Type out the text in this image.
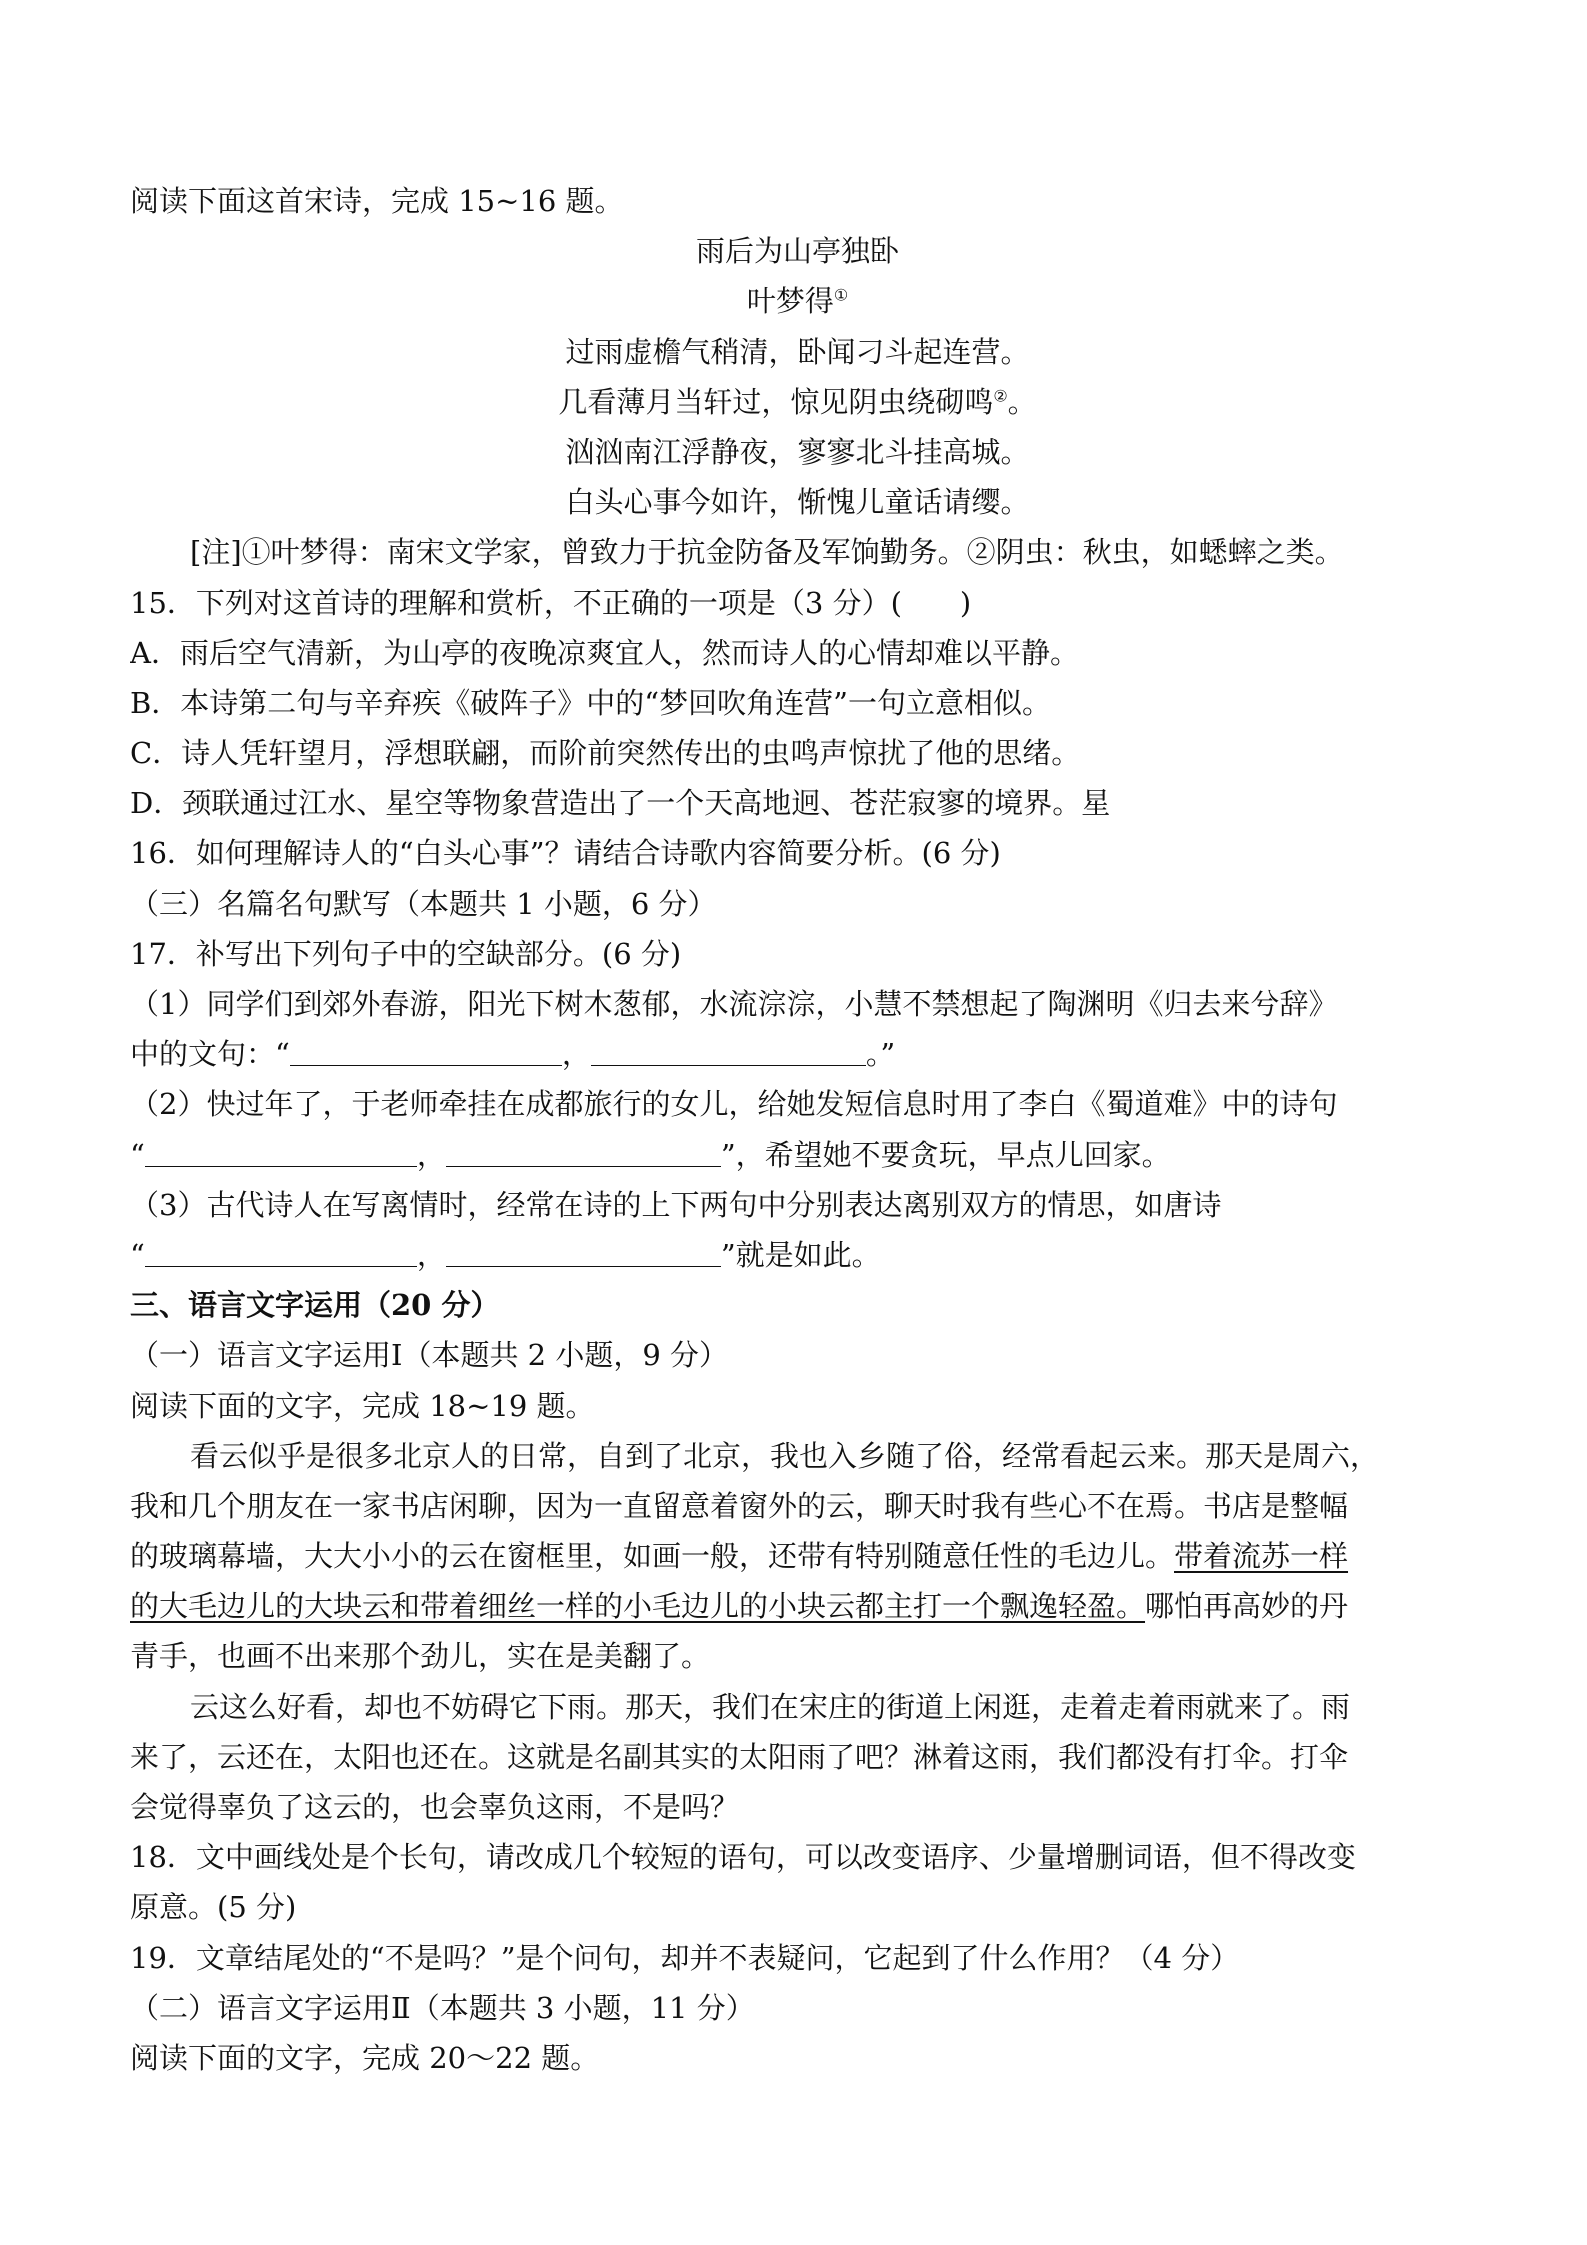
阅读下面这首宋诗，完成 15~16 题。
雨后为山亭独卧
叶梦得①
过雨虚檐气稍清，卧闻刁斗起连营。
几看薄月当轩过，惊见阴虫绕砌鸣②。
汹汹南江浮静夜，寥寥北斗挂高城。
白头心事今如许，惭愧儿童话请缨。
[注]①叶梦得：南宋文学家，曾致力于抗金防备及军饷勤务。②阴虫：秋虫，如蟋蟀之类。
15．下列对这首诗的理解和赏析，不正确的一项是（3 分）(　　)
A．雨后空气清新，为山亭的夜晚凉爽宜人，然而诗人的心情却难以平静。
B．本诗第二句与辛弃疾《破阵子》中的“梦回吹角连营”一句立意相似。
C．诗人凭轩望月，浮想联翩，而阶前突然传出的虫鸣声惊扰了他的思绪。
D．颈联通过江水、星空等物象营造出了一个天高地迥、苍茫寂寥的境界。星
16．如何理解诗人的“白头心事”？请结合诗歌内容简要分析。(6 分)
（三）名篇名句默写（本题共 1 小题，6 分）
17．补写出下列句子中的空缺部分。(6 分)
（1）同学们到郊外春游，阳光下树木葱郁，水流淙淙，小慧不禁想起了陶渊明《归去来兮辞》
中的文句：“	，	。”
（2）快过年了，于老师牵挂在成都旅行的女儿，给她发短信息时用了李白《蜀道难》中的诗句
“	，	”，希望她不要贪玩，早点儿回家。
（3）古代诗人在写离情时，经常在诗的上下两句中分别表达离别双方的情思，如唐诗
“	，	”就是如此。
三、语言文字运用（20 分）
（一）语言文字运用Ⅰ（本题共 2 小题，9 分）
阅读下面的文字，完成 18~19 题。
看云似乎是很多北京人的日常，自到了北京，我也入乡随了俗，经常看起云来。那天是周六，
我和几个朋友在一家书店闲聊，因为一直留意着窗外的云，聊天时我有些心不在焉。书店是整幅
的玻璃幕墙，大大小小的云在窗框里，如画一般，还带有特别随意任性的毛边儿。带着流苏一样
的大毛边儿的大块云和带着细丝一样的小毛边儿的小块云都主打一个飘逸轻盈。哪怕再高妙的丹
青手，也画不出来那个劲儿，实在是美翻了。
云这么好看，却也不妨碍它下雨。那天，我们在宋庄的街道上闲逛，走着走着雨就来了。雨
来了，云还在，太阳也还在。这就是名副其实的太阳雨了吧？淋着这雨，我们都没有打伞。打伞
会觉得辜负了这云的，也会辜负这雨，不是吗？
18．文中画线处是个长句，请改成几个较短的语句，可以改变语序、少量增删词语，但不得改变
原意。(5 分)
19．文章结尾处的“不是吗？”是个问句，却并不表疑问，它起到了什么作用？（4 分）
（二）语言文字运用Ⅱ（本题共 3 小题，11 分）
阅读下面的文字，完成 20～22 题。
